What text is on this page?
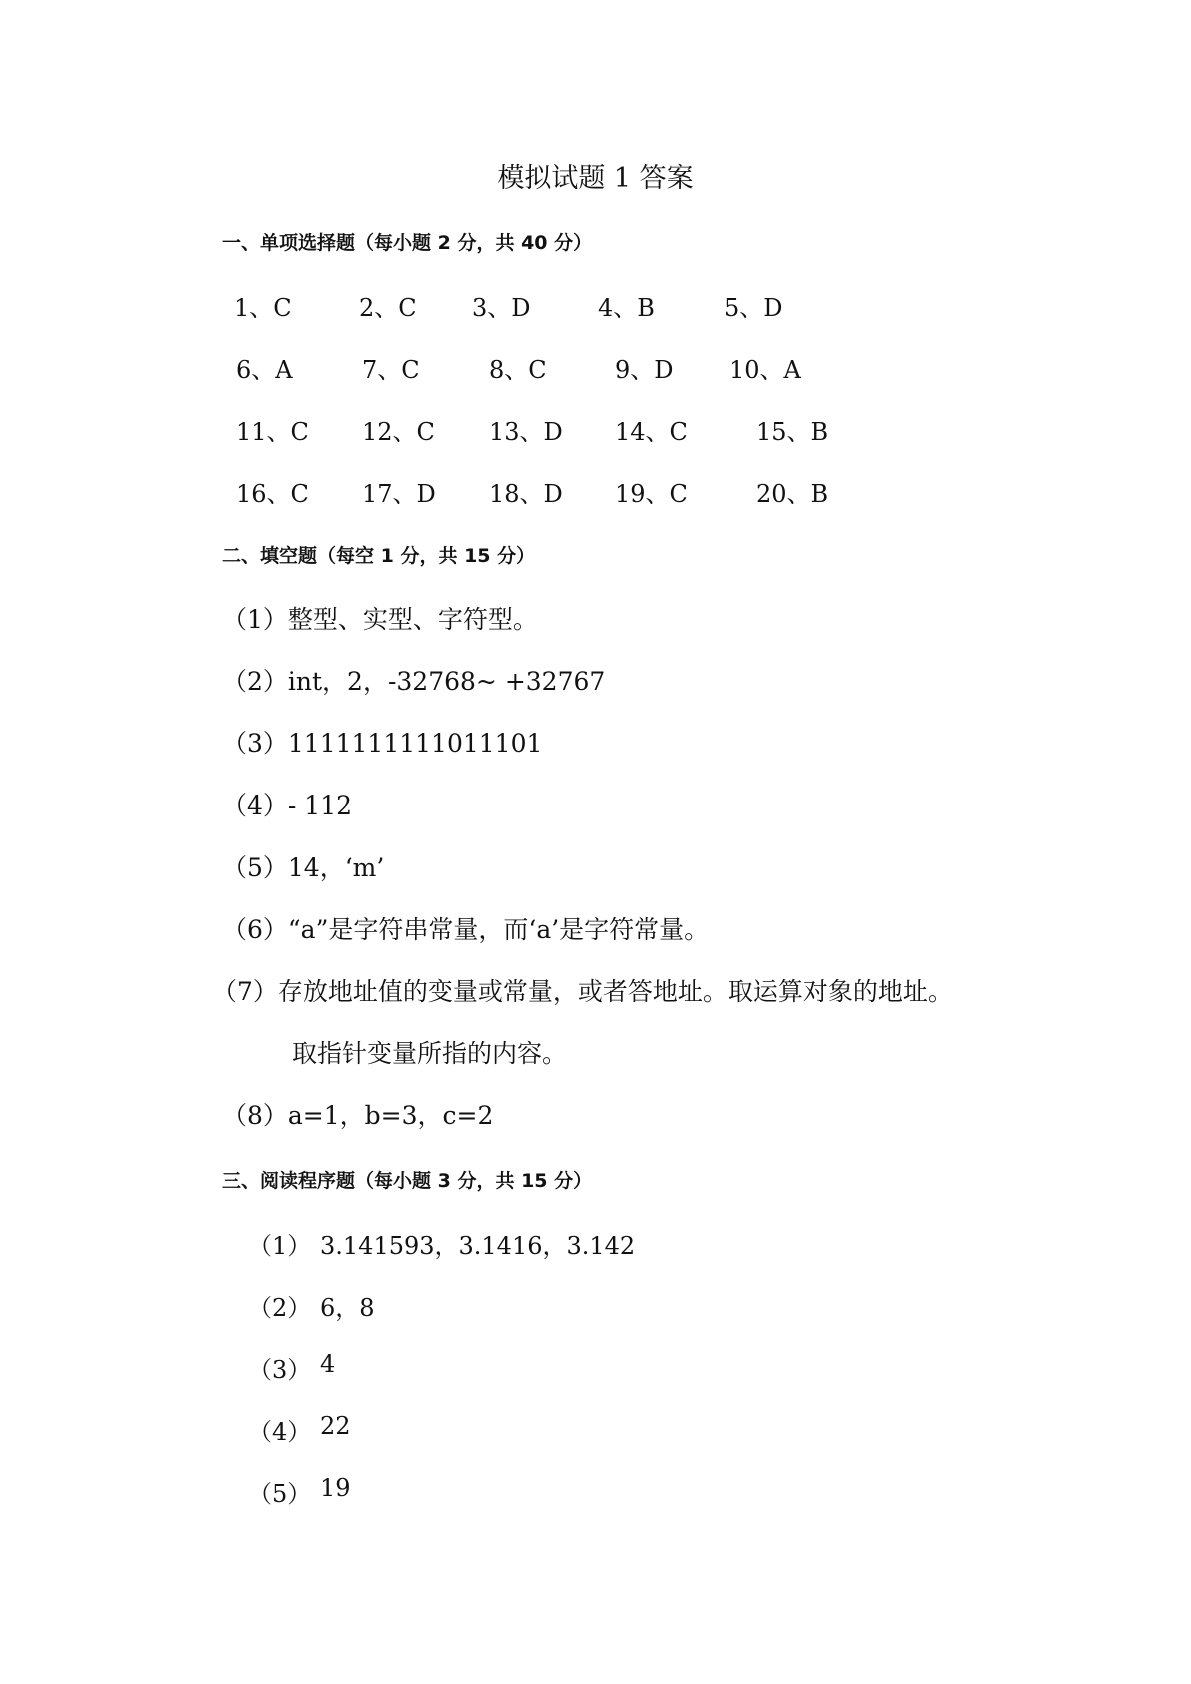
模拟试题 1 答案
一、单项选择题（每小题 2 分，共 40 分）
1、C	2、C 3、D	4、B	5、D
6、A	7、C	8、C	9、D 10、A
11、C 12、C 13、D 14、C	15、B
16、C 17、D 18、D 19、C	20、B
二、填空题（每空 1 分，共 15 分）
（1）整型、实型、字符型。
（2）int，2，-32768~ +32767
（3）1111111111011101
（4）- 112
（5）14，‘m’
（6）“a”是字符串常量，而‘a’是字符常量。
（7）存放地址值的变量或常量，或者答地址。取运算对象的地址。
取指针变量所指的内容。
（8）a=1，b=3，c=2
三、阅读程序题（每小题 3 分，共 15 分）
（1） 3.141593，3.1416，3.142
（2） 6，8
（3） 4
（4） 22
（5） 19
